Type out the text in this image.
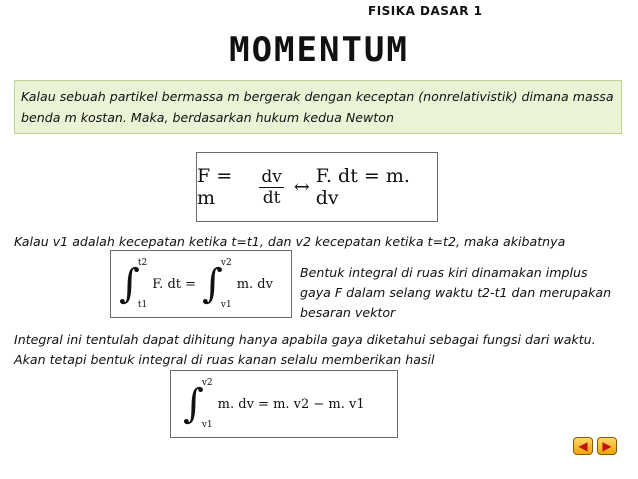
FISIKA DASAR 1
MOMENTUM
Kalau sebuah partikel bermassa m bergerak dengan keceptan (nonrelativistik) dimana massa benda m kostan. Maka, berdasarkan hukum kedua Newton
F = m	$\frac{dv}{dt}$ ↔ F. dt = m. dv
Kalau v1 adalah kecepatan ketika t=t1, dan v2 kecepatan ketika t=t2, maka akibatnya
∫
t2
t1
F. dt = ∫
v2
v1
m. dv
Bentuk integral di ruas kiri dinamakan implus gaya F dalam selang waktu t2-t1 dan merupakan besaran vektor
Integral ini tentulah dapat dihitung hanya apabila gaya diketahui sebagai fungsi dari waktu. Akan tetapi bentuk integral di ruas kanan selalu memberikan hasil
∫
v2
v1
m. dv = m. v2 − m. v1
◀ ▶
